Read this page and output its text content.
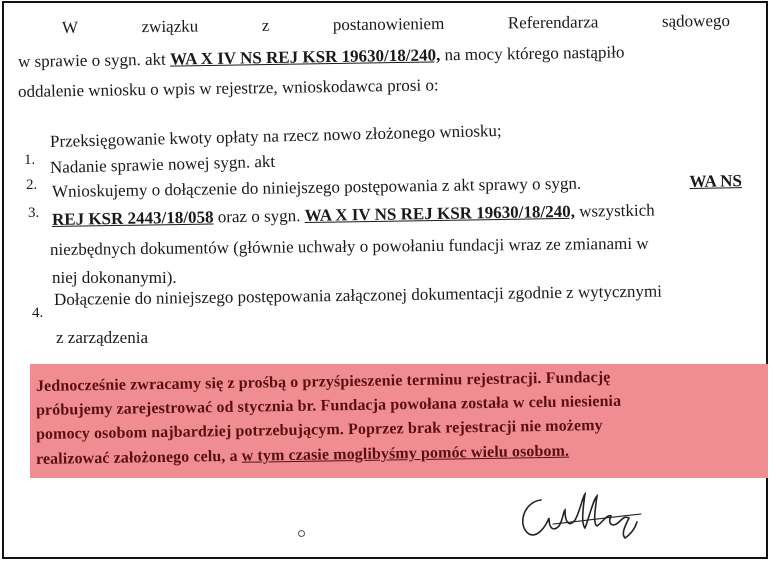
W	związku	z	postanowieniem	Referendarza	sądowego
w sprawie o sygn. akt WA X IV NS REJ KSR 19630/18/240, na mocy którego nastąpiło
oddalenie wniosku o wpis w rejestrze, wnioskodawca prosi o:
1.
Przeksięgowanie kwoty opłaty na rzecz nowo złożonego wniosku;
2.
Nadanie sprawie nowej sygn. akt
3.
Wnioskujemy o dołączenie do niniejszego postępowania z akt sprawy o sygn.	WA NS
REJ KSR 2443/18/058 oraz o sygn. WA X IV NS REJ KSR 19630/18/240, wszystkich
niezbędnych dokumentów (głównie uchwały o powołaniu fundacji wraz ze zmianami w
niej dokonanymi).
4.
Dołączenie do niniejszego postępowania załączonej dokumentacji zgodnie z wytycznymi
z zarządzenia
Jednocześnie zwracamy się z prośbą o przyśpieszenie terminu rejestracji. Fundację
próbujemy zarejestrować od stycznia br. Fundacja powołana została w celu niesienia
pomocy osobom najbardziej potrzebującym. Poprzez brak rejestracji nie możemy
realizować założonego celu, a w tym czasie moglibyśmy pomóc wielu osobom.
